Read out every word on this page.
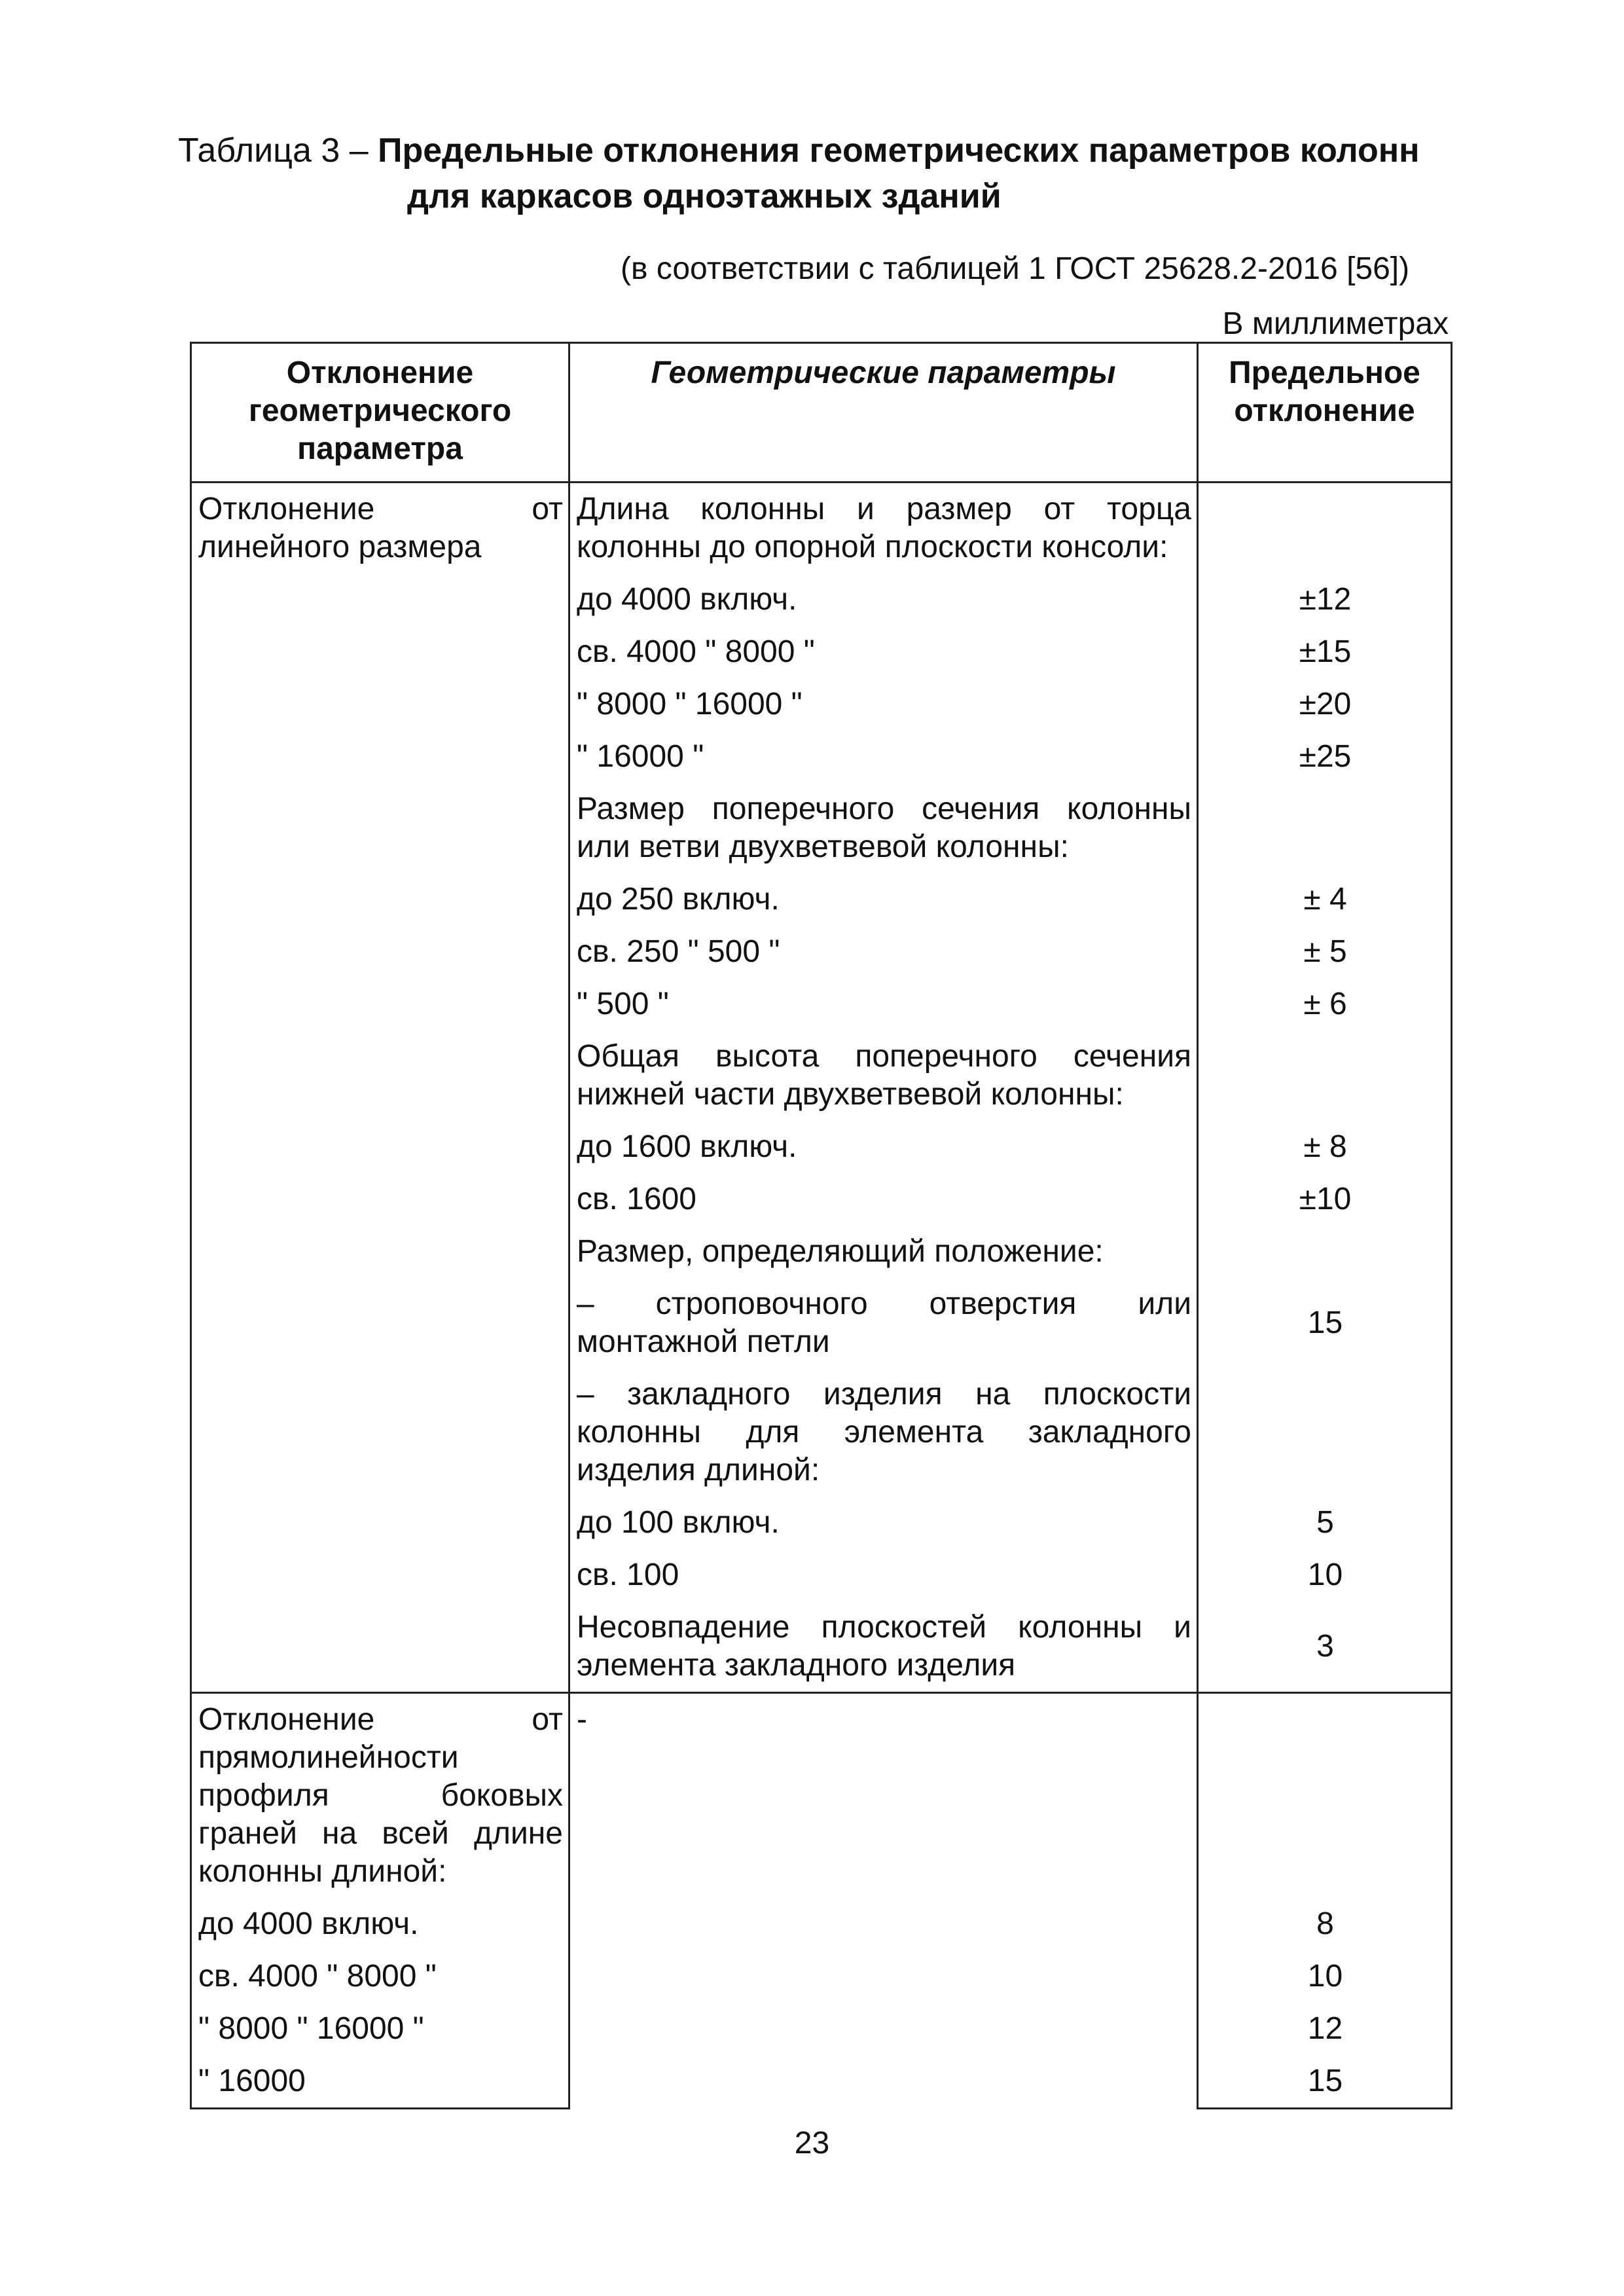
Таблица 3 – Предельные отклонения геометрических параметров колонн
для каркасов одноэтажных зданий
(в соответствии с таблицей 1 ГОСТ 25628.2-2016 [56])
В миллиметрах
Отклонение геометрического параметра	Геометрические параметры	Предельное отклонение
Отклонение от линейного размера	Длина колонны и размер от торца колонны до опорной плоскости консоли:	
	до 4000 включ.	±12
	св. 4000 " 8000 "	±15
	" 8000 " 16000 "	±20
	" 16000 "	±25
	Размер поперечного сечения колонны или ветви двухветвевой колонны:	
	до 250 включ.	± 4
	св. 250 " 500 "	± 5
	" 500 "	± 6
	Общая высота поперечного сечения нижней части двухветвевой колонны:	
	до 1600 включ.	± 8
	св. 1600	±10
	Размер, определяющий положение:	
	– строповочного отверстия или монтажной петли	15
	– закладного изделия на плоскости колонны для элемента закладного изделия длиной:	
	до 100 включ.	5
	св. 100	10
	Несовпадение плоскостей колонны и элемента закладного изделия	3
Отклонение от прямолинейности профиля боковых граней на всей длине колонны длиной:	-	
до 4000 включ.		8
св. 4000 " 8000 "		10
" 8000 " 16000 "		12
" 16000		15
23
